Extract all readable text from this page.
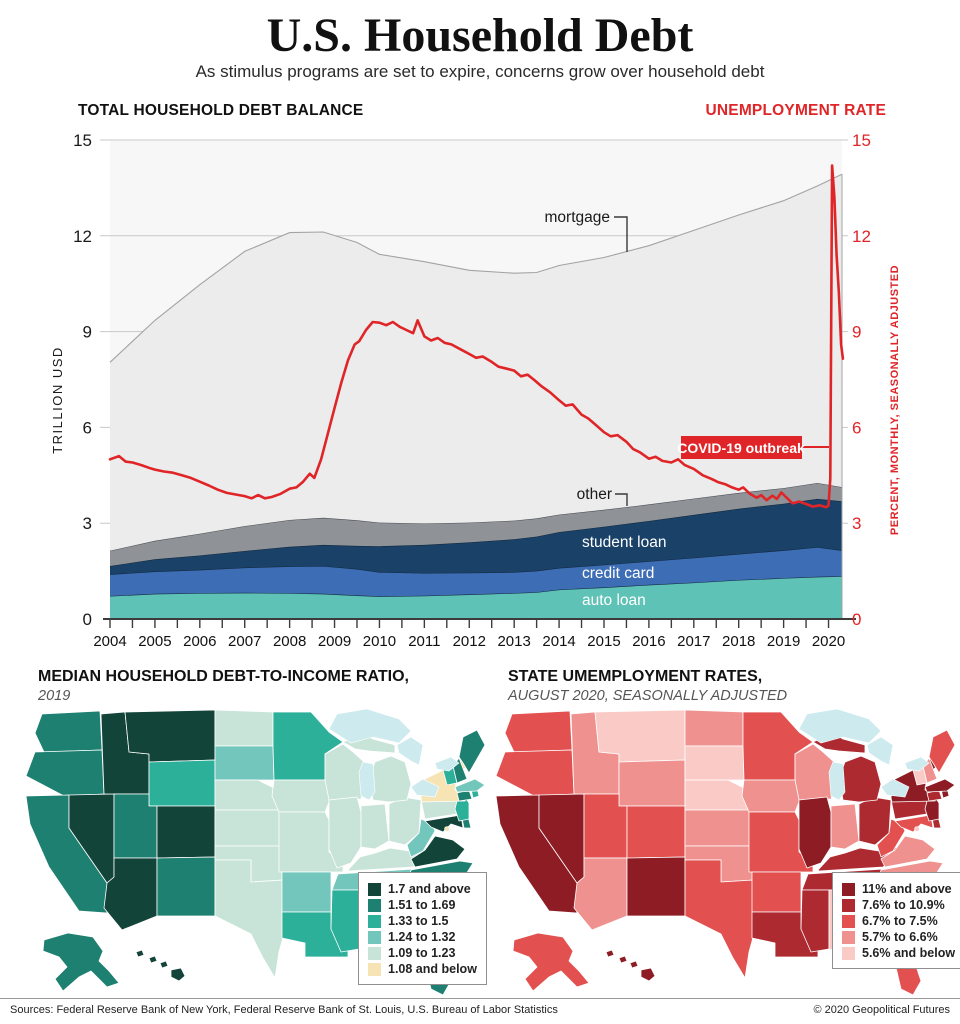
U.S. Household Debt
As stimulus programs are set to expire, concerns grow over household debt
TOTAL HOUSEHOLD DEBT BALANCE	UNEMPLOYMENT RATE
2004 2005 2006 2007 2008 2009 2010 2011 2012 2013 2014 2015 2016 2017 2018 2019 2020
0	0
3	3
6	6
9	9
12	12
15	15
TRILLION USD	PERCENT, MONTHLY, SEASONALLY ADJUSTED
mortgage
other
student loan
credit card
auto loan
COVID-19 outbreak
MEDIAN HOUSEHOLD DEBT-TO-INCOME RATIO,
2019
STATE UMEMPLOYMENT RATES,
AUGUST 2020, SEASONALLY ADJUSTED
1.7 and above
1.51 to 1.69
1.33 to 1.5
1.24 to 1.32
1.09 to 1.23
1.08 and below
11% and above
7.6% to 10.9%
6.7% to 7.5%
5.7% to 6.6%
5.6% and below
Sources: Federal Reserve Bank of New York, Federal Reserve Bank of St. Louis, U.S. Bureau of Labor Statistics	© 2020 Geopolitical Futures
